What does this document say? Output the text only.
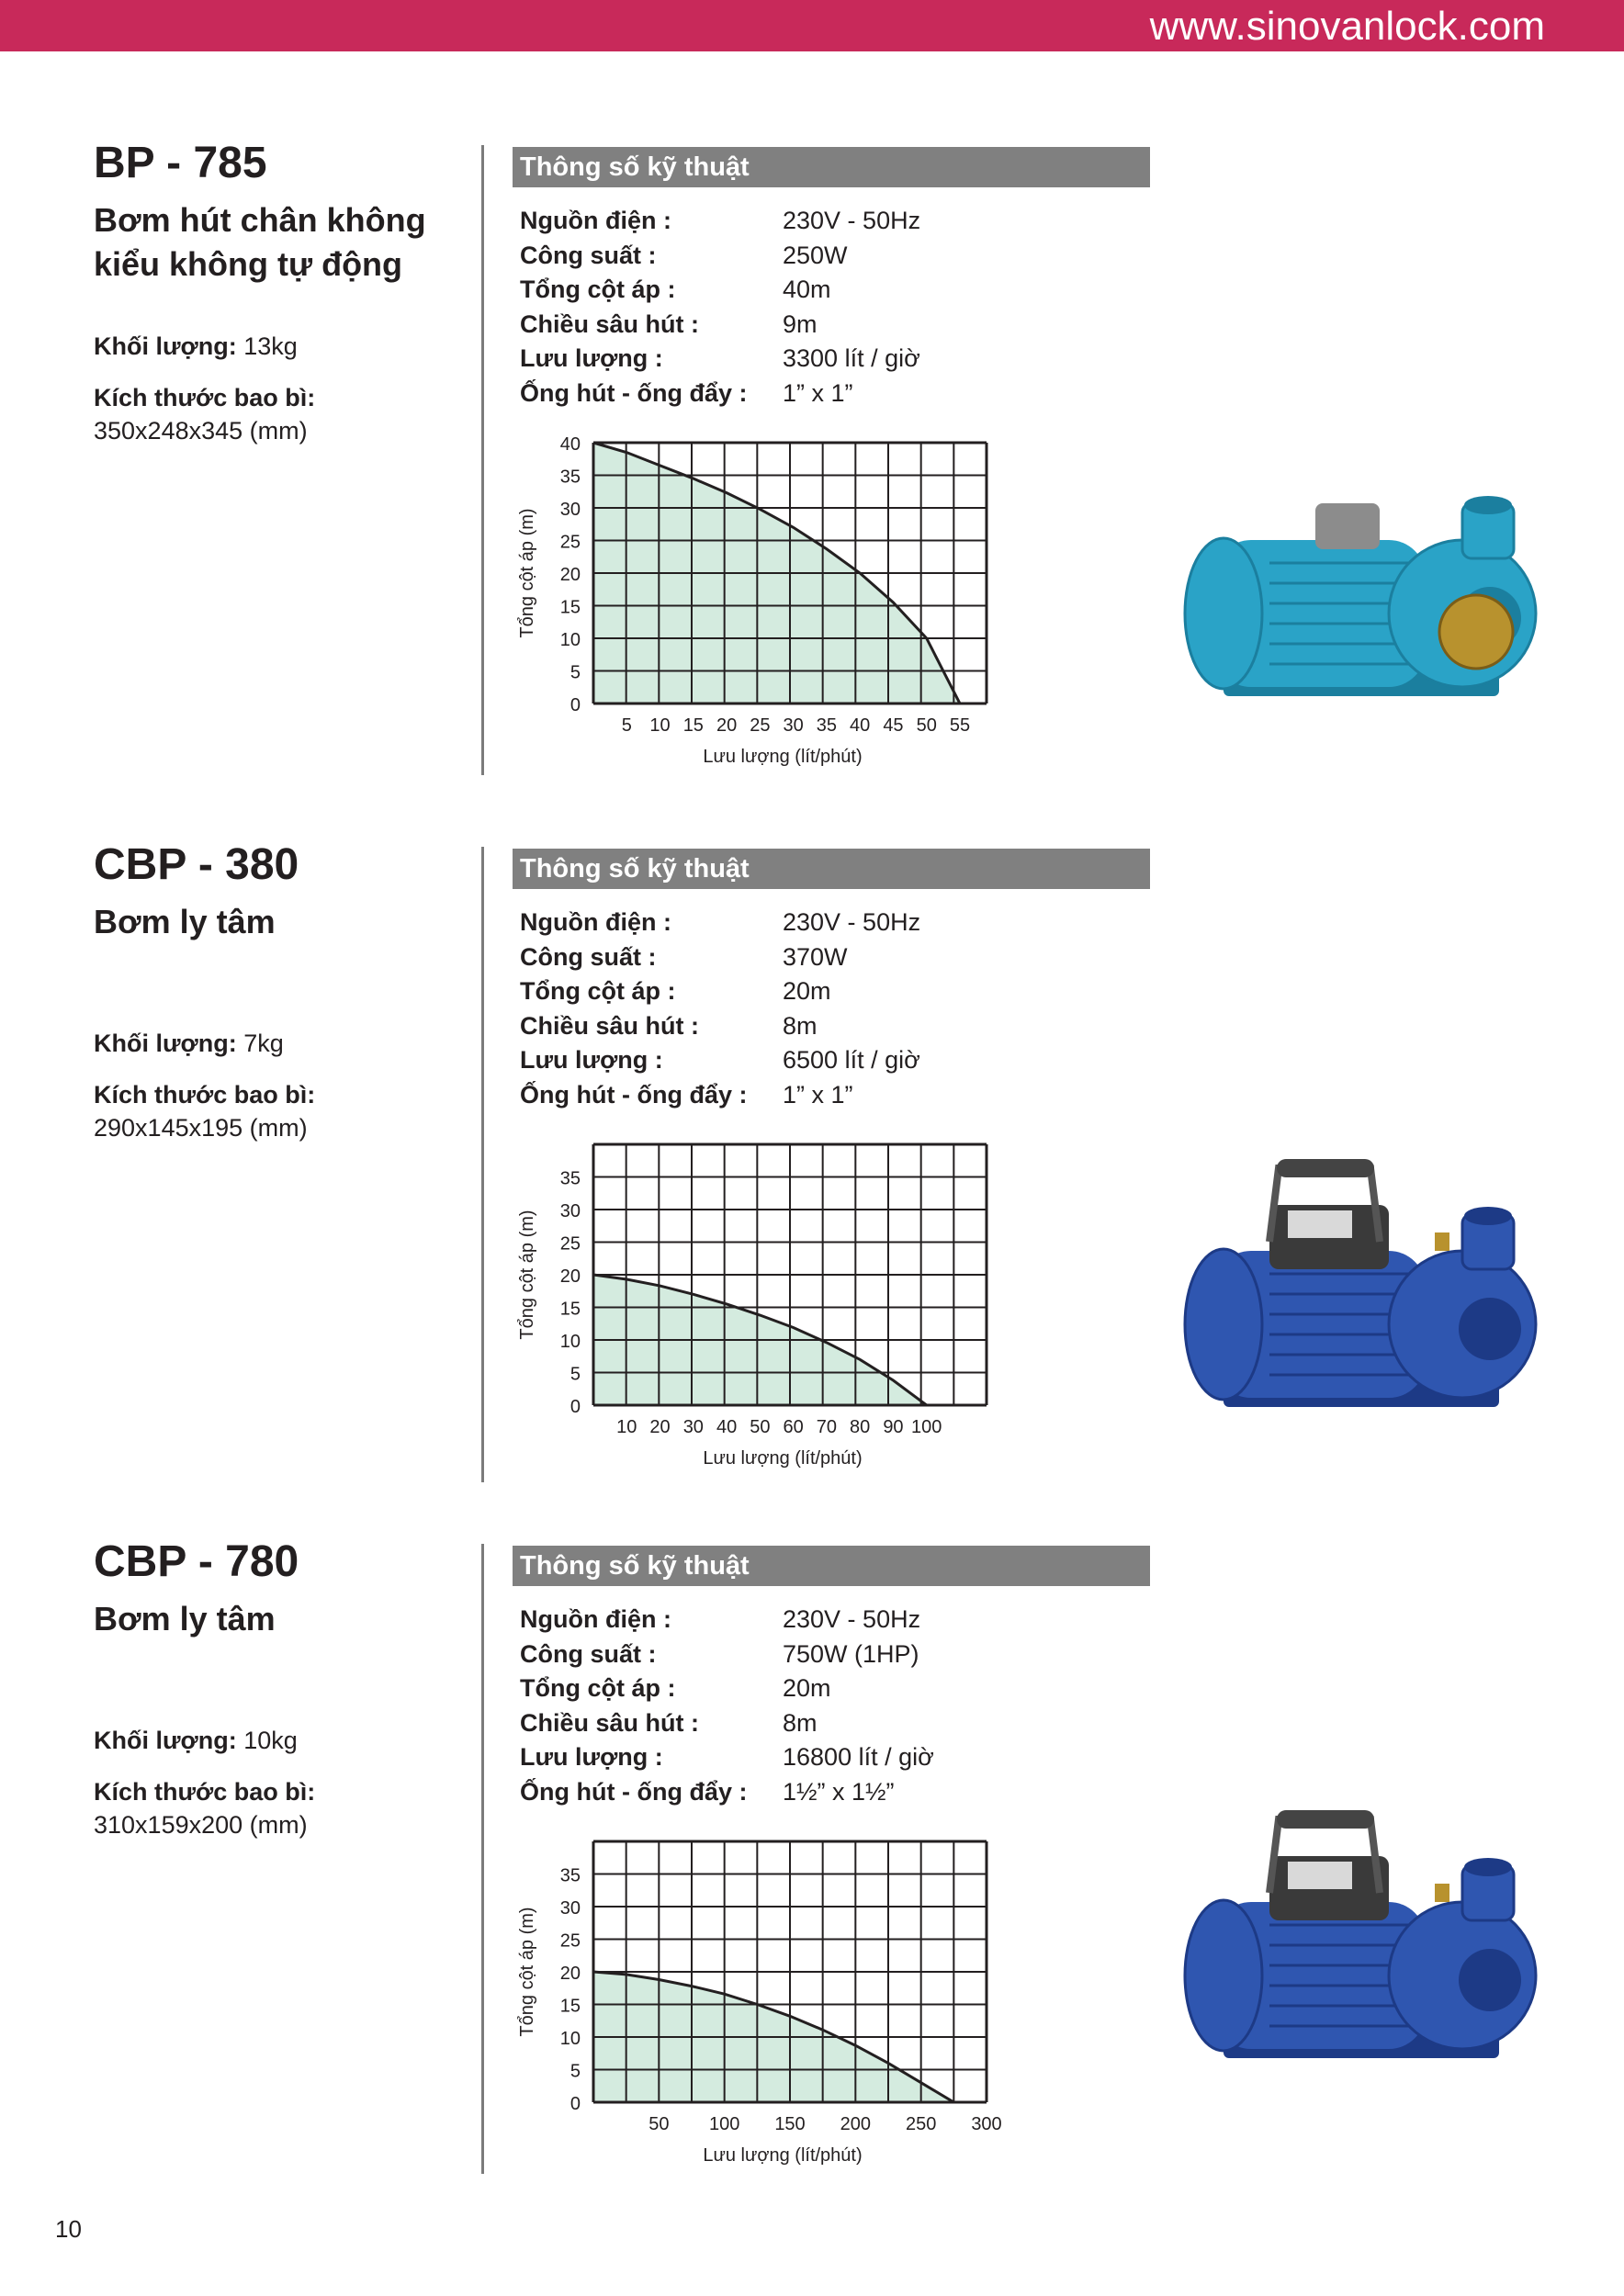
www.sinovanlock.com
BP - 785
Bơm hút chân không kiểu không tự động
Khối lượng: 13kg
Kích thước bao bì:
350x248x345 (mm)
Thông số kỹ thuật
Nguồn điện :	230V - 50Hz
Công suất :	250W
Tổng cột áp :	40m
Chiều sâu hút :	9m
Lưu lượng :	3300 lít / giờ
Ống hút - ống đẩy : 1” x 1”
0
5
10
15
20
25
30
35
40
5 10 15 20 25 30 35 40 45 50 55
Lưu lượng (lít/phút)
Tổng cột áp (m)
CBP - 380
Bơm ly tâm
Khối lượng: 7kg
Kích thước bao bì:
290x145x195 (mm)
Thông số kỹ thuật
Nguồn điện :	230V - 50Hz
Công suất :	370W
Tổng cột áp :	20m
Chiều sâu hút :	8m
Lưu lượng :	6500 lít / giờ
Ống hút - ống đẩy : 1” x 1”
0
5
10
15
20
25
30
35
10 20 30 40 50 60 70 80 90 100
Lưu lượng (lít/phút)
Tổng cột áp (m)
CBP - 780
Bơm ly tâm
Khối lượng: 10kg
Kích thước bao bì:
310x159x200 (mm)
Thông số kỹ thuật
Nguồn điện :	230V - 50Hz
Công suất :	750W (1HP)
Tổng cột áp :	20m
Chiều sâu hút :	8m
Lưu lượng :	16800 lít / giờ
Ống hút - ống đẩy : 1½” x 1½”
0
5
10
15
20
25
30
35
50 100 150 200 250 300
Lưu lượng (lít/phút)
Tổng cột áp (m)
10
